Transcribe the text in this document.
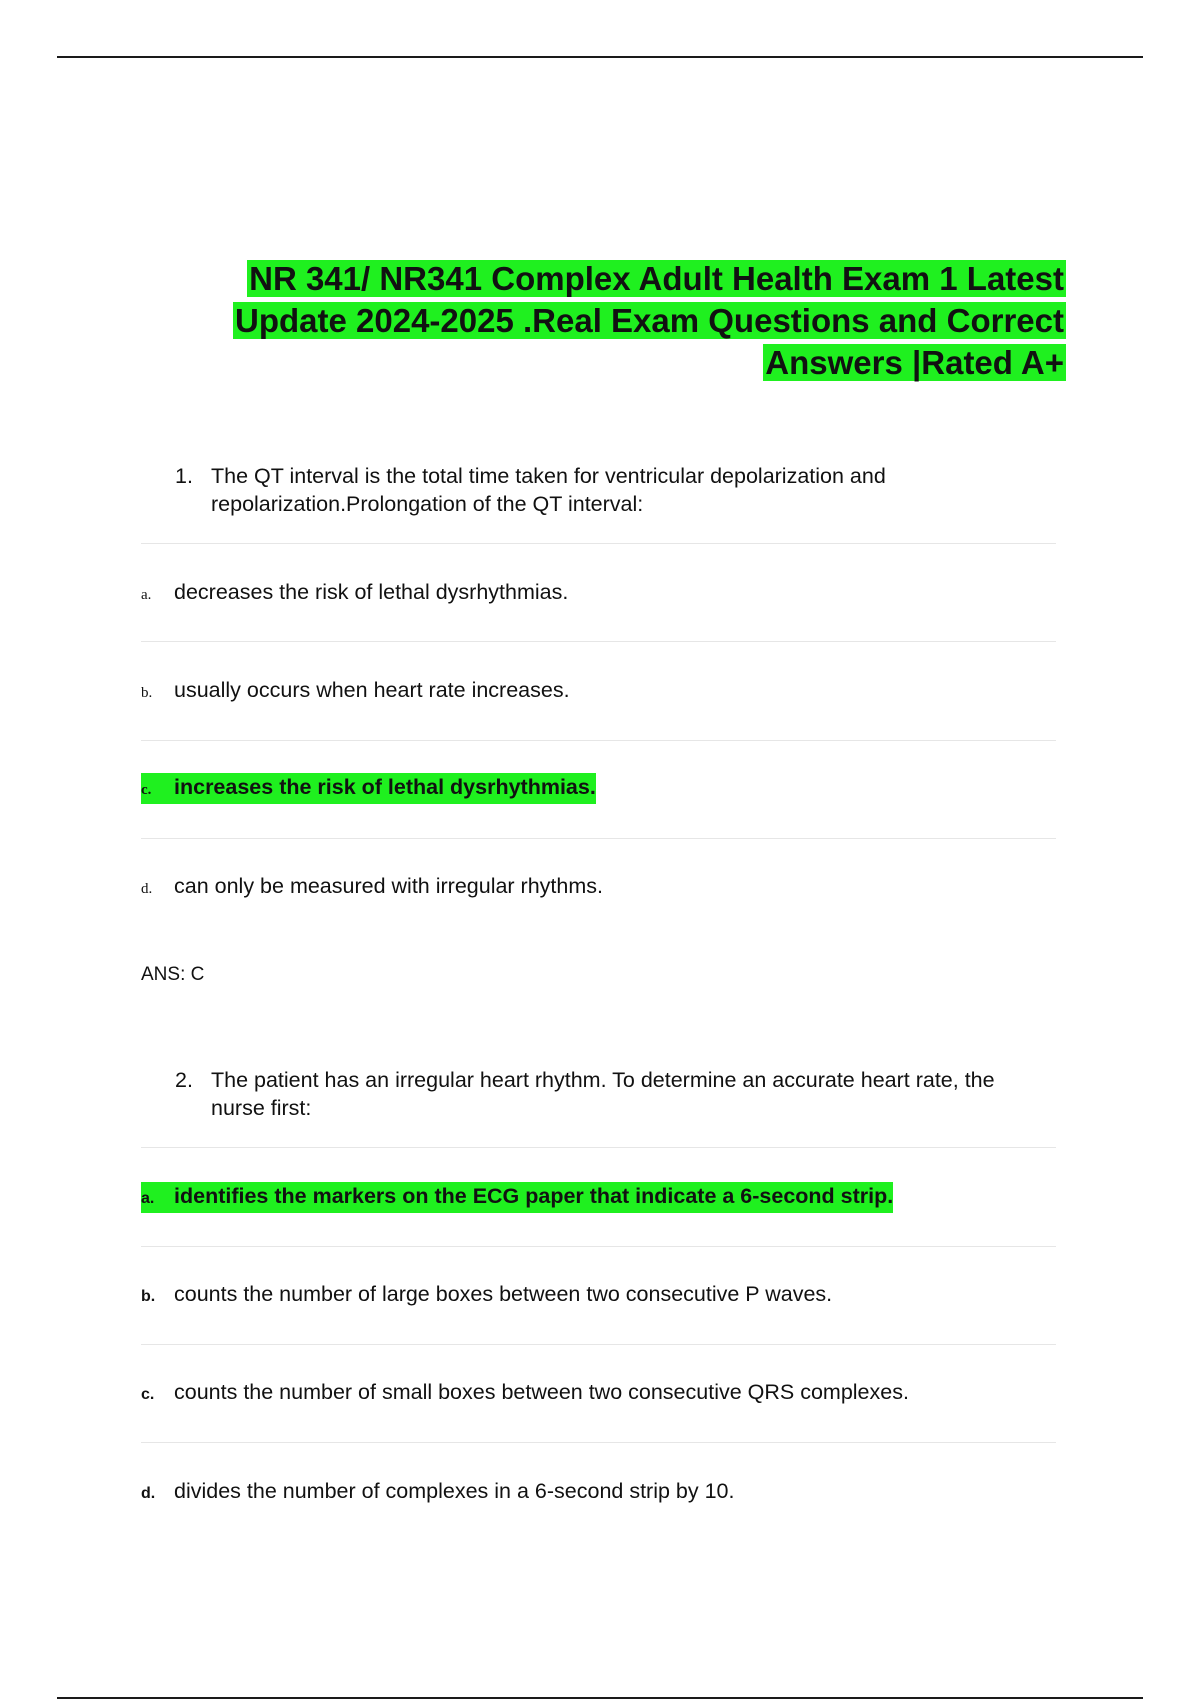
NR 341/ NR341 Complex Adult Health Exam 1 Latest
Update 2024-2025 .Real Exam Questions and Correct
Answers |Rated A+
1. The QT interval is the total time taken for ventricular depolarization and
repolarization.Prolongation of the QT interval:
a. decreases the risk of lethal dysrhythmias.
b. usually occurs when heart rate increases.
c. increases the risk of lethal dysrhythmias.
d. can only be measured with irregular rhythms.
ANS: C
2. The patient has an irregular heart rhythm. To determine an accurate heart rate, the
nurse first:
a. identifies the markers on the ECG paper that indicate a 6-second strip.
b. counts the number of large boxes between two consecutive P waves.
c. counts the number of small boxes between two consecutive QRS complexes.
d. divides the number of complexes in a 6-second strip by 10.
